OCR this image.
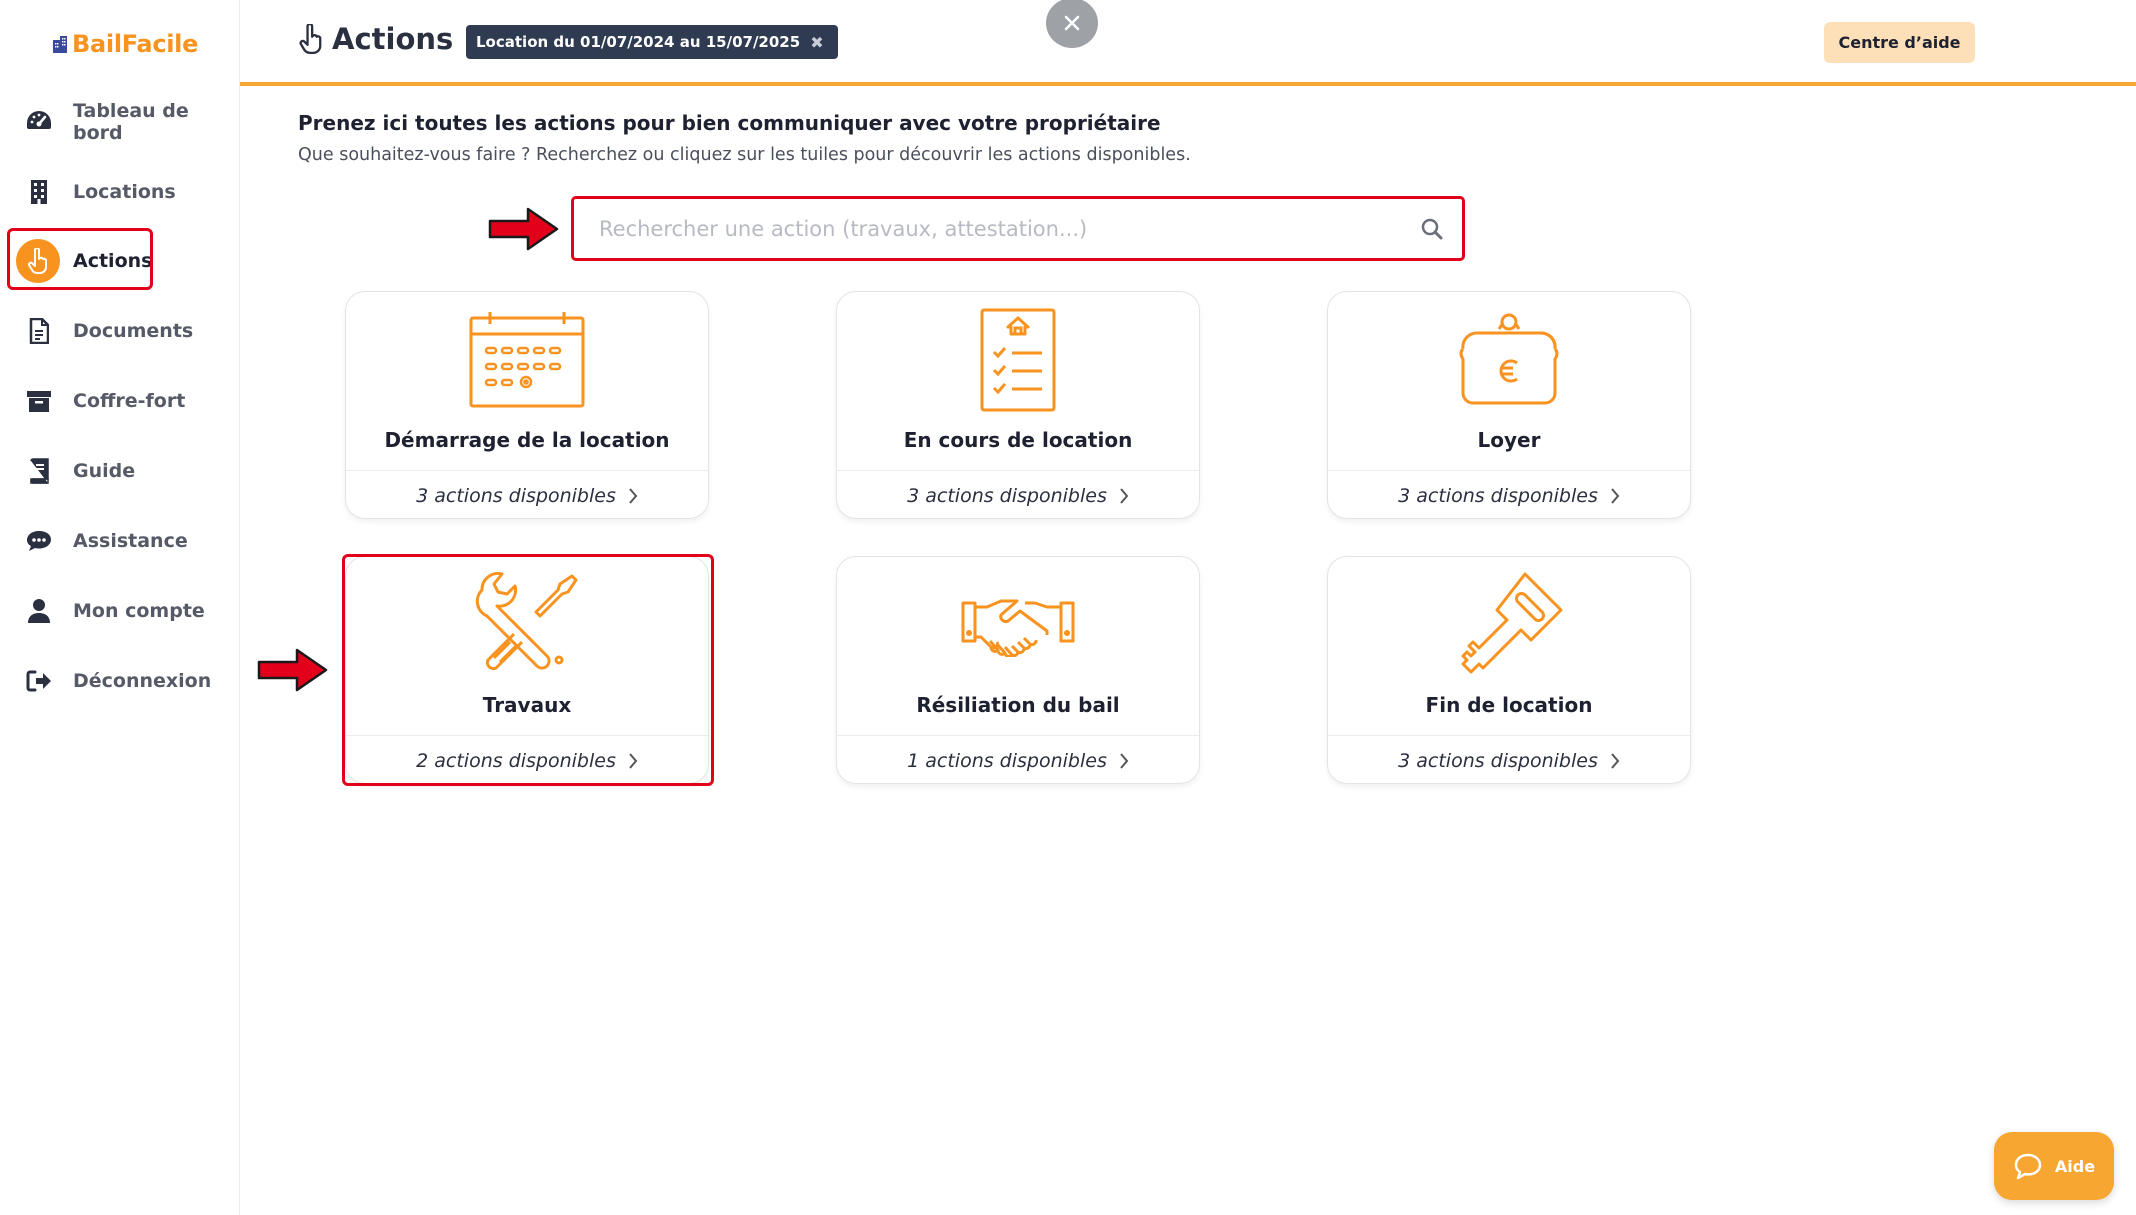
BailFacile
Tableau de bord
Locations
Actions
Documents
Coffre-fort
Guide
Assistance
Mon compte
Déconnexion
Actions Location du 01/07/2024 au 15/07/2025 ✖	Centre d’aide
Prenez ici toutes les actions pour bien communiquer avec votre propriétaire
Que souhaitez-vous faire ? Recherchez ou cliquez sur les tuiles pour découvrir les actions disponibles.
Rechercher une action (travaux, attestation...)
Démarrage de la location
3 actions disponibles
En cours de location
3 actions disponibles
Loyer
3 actions disponibles
Travaux
2 actions disponibles
Résiliation du bail
1 actions disponibles
Fin de location
3 actions disponibles
Aide
